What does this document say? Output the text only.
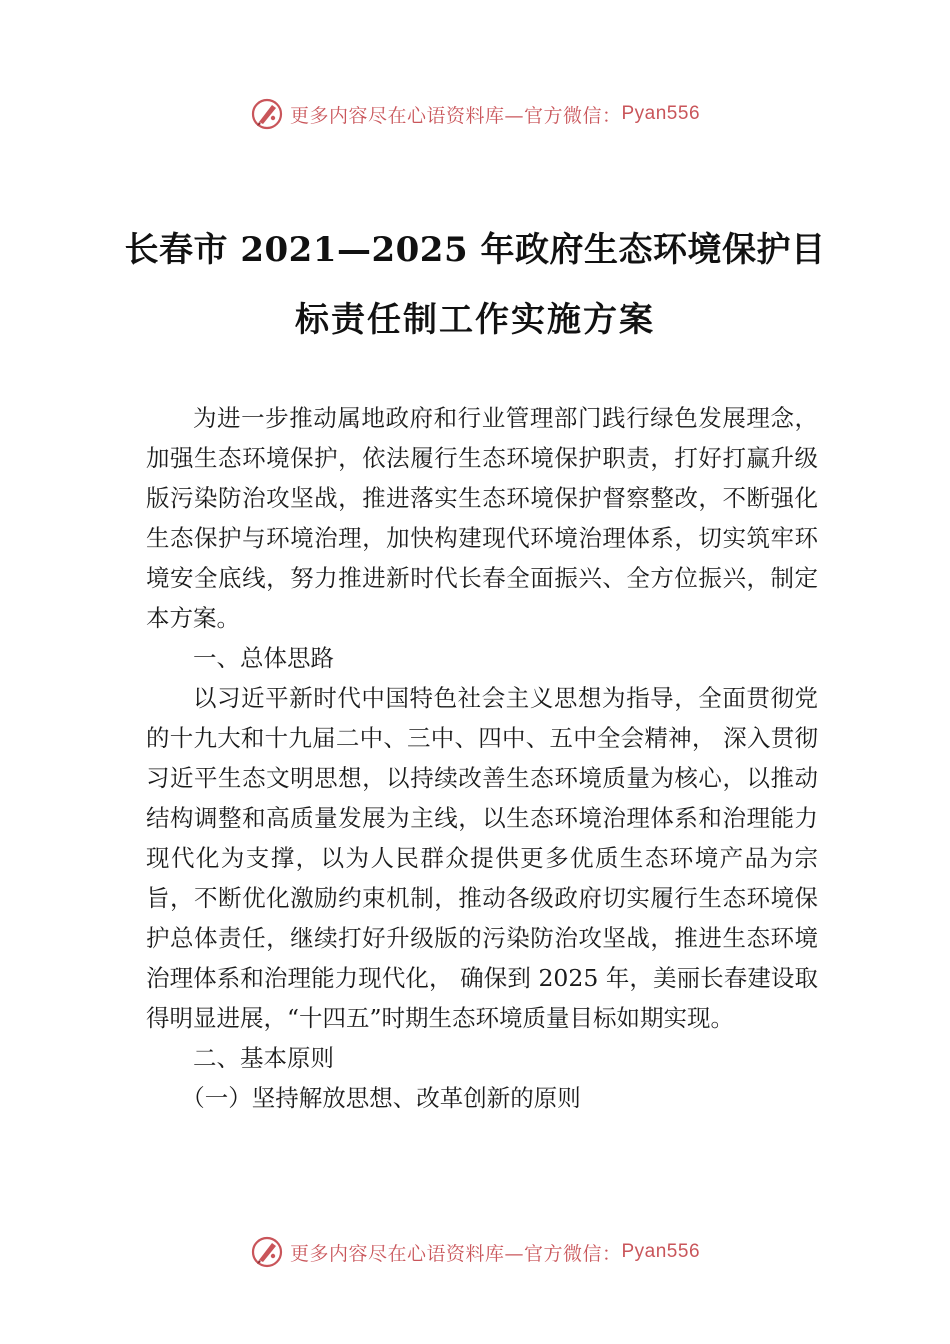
更多内容尽在心语资料库—官方微信： Pyan556
长春市 2021—2025 年政府生态环境保护目
标责任制工作实施方案

为进一步推动属地政府和行业管理部门践行绿色发展理念，加强生态环境保护，依法履行生态环境保护职责，打好打赢升级版污染防治攻坚战，推进落实生态环境保护督察整改，不断强化生态保护与环境治理，加快构建现代环境治理体系，切实筑牢环境安全底线，努力推进新时代长春全面振兴、全方位振兴，制定本方案。

一、总体思路

以习近平新时代中国特色社会主义思想为指导，全面贯彻党的十九大和十九届二中、三中、四中、五中全会精神， 深入贯彻习近平生态文明思想，以持续改善生态环境质量为核心，以推动结构调整和高质量发展为主线，以生态环境治理体系和治理能力现代化为支撑，以为人民群众提供更多优质生态环境产品为宗旨，不断优化激励约束机制，推动各级政府切实履行生态环境保护总体责任，继续打好升级版的污染防治攻坚战，推进生态环境治理体系和治理能力现代化， 确保到 2025 年，美丽长春建设取得明显进展，“十四五”时期生态环境质量目标如期实现。

二、基本原则

（一）坚持解放思想、改革创新的原则

更多内容尽在心语资料库—官方微信： Pyan556
